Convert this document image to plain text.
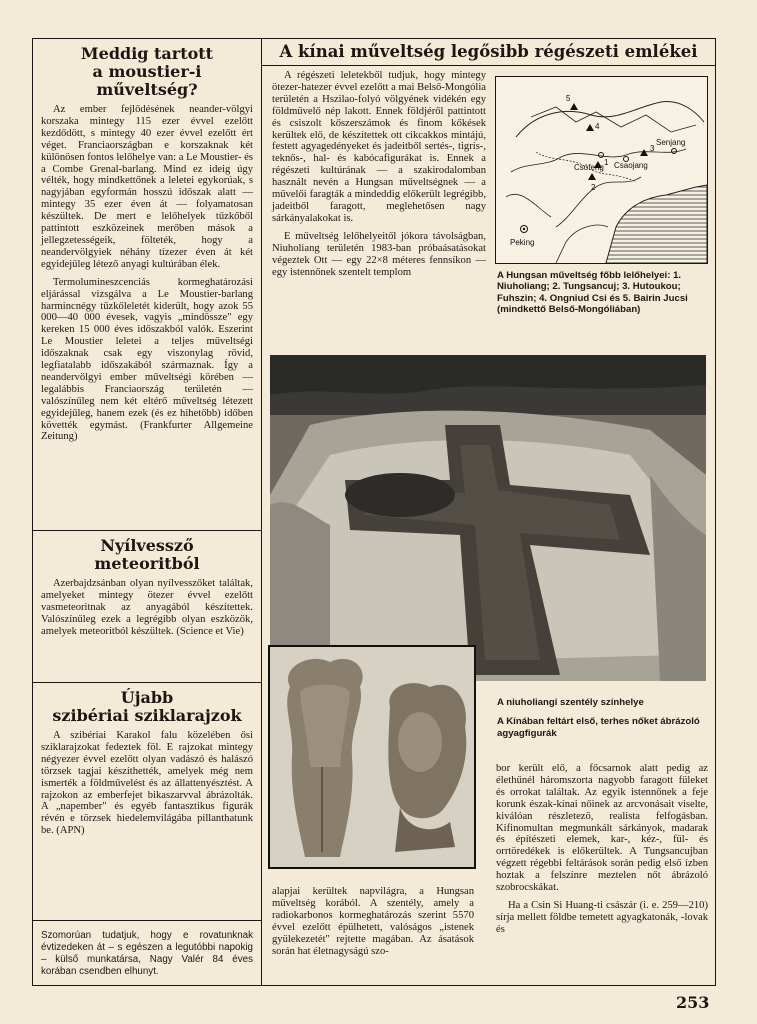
Meddig tartott
a moustier-i
műveltség?

Az ember fejlődésének neander-völgyi korszaka mintegy 115 ezer évvel ezelőtt kezdődött, s mintegy 40 ezer évvel ezelőtt ért véget. Franciaországban e korszaknak két különösen fontos lelőhelye van: a Le Moustier- és a Combe Grenal-barlang. Mind ez ideig úgy vélték, hogy mindkettőnek a leletei egykorúak, s nagyjában egyformán hosszú időszak alatt — mintegy 35 ezer éven át — folyamatosan készültek. De mert e lelőhelyek tűzkőből pattintott eszközeinek merőben mások a jellegzetességeik, fölteték, hogy a neandervölgyiek néhány tízezer éven át két egyidejűleg létező anyagi kultúrában élek.

Termolumineszcenciás kormeghatározási eljárással vizsgálva a Le Moustier-barlang harmincnégy tűzkőleletét kiderült, hogy azok 55 000—40 000 évesek, vagyis „mindössze" egy kereken 15 000 éves időszakból valók. Eszerint Le Moustier leletei a teljes műveltségi időszaknak csak egy viszonylag rövid, legfiatalabb időszakából származnak. Így a neandervölgyi ember műveltségi körében — legalábbis Franciaország területén — valószínűleg nem két eltérő műveltség létezett egyidejűleg, hanem ezek (és ez hihetőbb) időben követték egymást. (Frankfurter Allgemeine Zeitung)

Nyílvessző
meteoritból

Azerbajdzsánban olyan nyílvesszőket találtak, amelyeket mintegy ötezer évvel ezelőtt vasmeteoritnak az anyagából készítettek. Valószínűleg ezek a legrégibb olyan eszközök, amelyek meteoritból készültek. (Science et Vie)

Újabb
szibériai sziklarajzok

A szibériai Karakol falu közelében ősi sziklarajzokat fedeztek föl. E rajzokat mintegy négyezer évvel ezelőtt olyan vadászó és halászó törzsek tagjai készíthették, amelyek még nem ismerték a földművelést és az állattenyésztést. A rajzokon az emberfejet bikaszarvval ábrázolták. A „napember" és egyéb fantasztikus figurák révén e törzsek hiedelemvilágába pillanthatunk be. (APN)

Szomorúan tudatjuk, hogy e rovatunknak évtizedeken át – s egészen a legutóbbi napokig – külső munkatársa, Nagy Valér 84 éves korában csendben elhunyt.
A kínai műveltség legősibb régészeti emlékei

A régészeti leletekből tudjuk, hogy mintegy ötezer-hatezer évvel ezelőtt a mai Belső-Mongólia területén a Hszilao-folyó völgyének vidékén egy földművelő nép lakott. Ennek földjéről pattintott és csiszolt kőszerszámok és finom kőkések kerültek elő, de készítettek ott cikcakkos mintájú, festett agyagedényeket és jadeitből sertés-, tigris-, teknős-, hal- és kabócafigurákat is. Ennek a régészeti kultúrának — a szakirodalomban használt nevén a Hungsan műveltségnek — a művelői faragták a mindeddig előkerült legrégibb, jadeitből faragott, meglehetősen nagy sárkányalakokat is.

E műveltség lelőhelyeitől jókora távolságban, Niuholiang területén 1983-ban próbaásatásokat végeztek Ott — egy 22×8 méteres fennsíkon — egy istennőnek szentelt templom

5
4
1
2
3
Csófeng Csaojang
Senjang
Peking
A Hungsan műveltség főbb lelőhelyei: 1. Niuholiang; 2. Tungsancuj; 3. Hutoukou; Fuhszin; 4. Ongniud Csi és 5. Bairin Jucsi (mindkettő Belső-Mongóliában)
A niuholiangi szentély színhelye
A Kínában feltárt első, terhes nőket ábrázoló agyagfigurák

alapjai kerültek napvilágra, a Hungsan műveltség korából. A szentély, amely a radiokarbonos kormeghatározás szerint 5570 évvel ezelőtt épülhetett, valóságos „istenek gyülekezetét" rejtette magában. Az ásatások során hat életnagyságú szo-

bor került elő, a főcsarnok alatt pedig az élethűnél háromszorta nagyobb faragott füleket és orrokat találtak. Az egyik istennőnek a feje korunk észak-kínai nőinek az arcvonásait viselte, kiválóan részletezö, realista felfogásban. Kifinomultan megmunkált sárkányok, madarak és építészeti elemek, kar-, kéz-, fül- és orrtöredékek is előkerültek. A Tungsancujban végzett régebbi feltárások során pedig első ízben hoztak a felszínre meztelen nőt ábrázoló szobrocskákat.

Ha a Csin Si Huang-ti császár (i. e. 259—210) sírja mellett földbe temetett agyagkatonák, -lovak és

253
